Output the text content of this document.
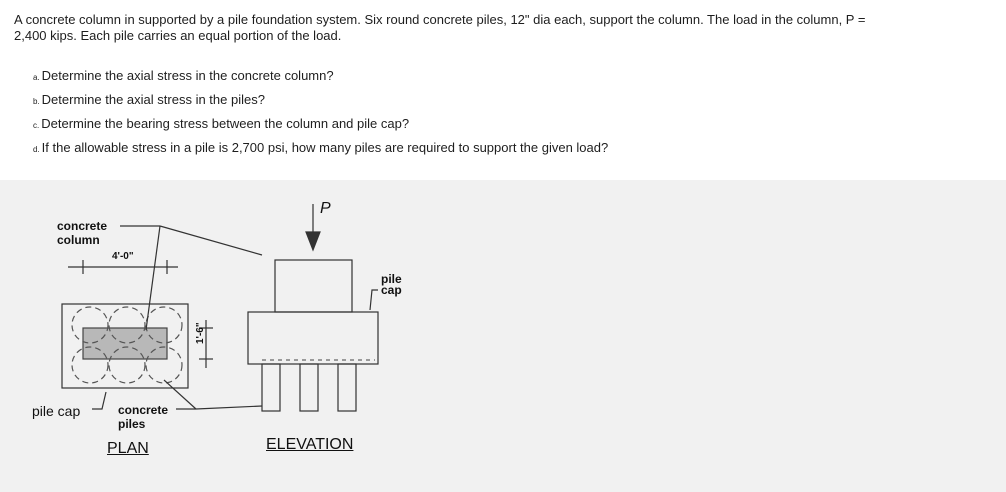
A concrete column in supported by a pile foundation system. Six round concrete piles, 12" dia each, support the column. The load in the column, P =
2,400 kips. Each pile carries an equal portion of the load.
a. Determine the axial stress in the concrete column?
b. Determine the axial stress in the piles?
c. Determine the bearing stress between the column and pile cap?
d. If the allowable stress in a pile is 2,700 psi, how many piles are required to support the given load?
concrete
column
4'-0"
1'-6"
pile cap	concrete
piles
PLAN
P
pile
cap
ELEVATION
